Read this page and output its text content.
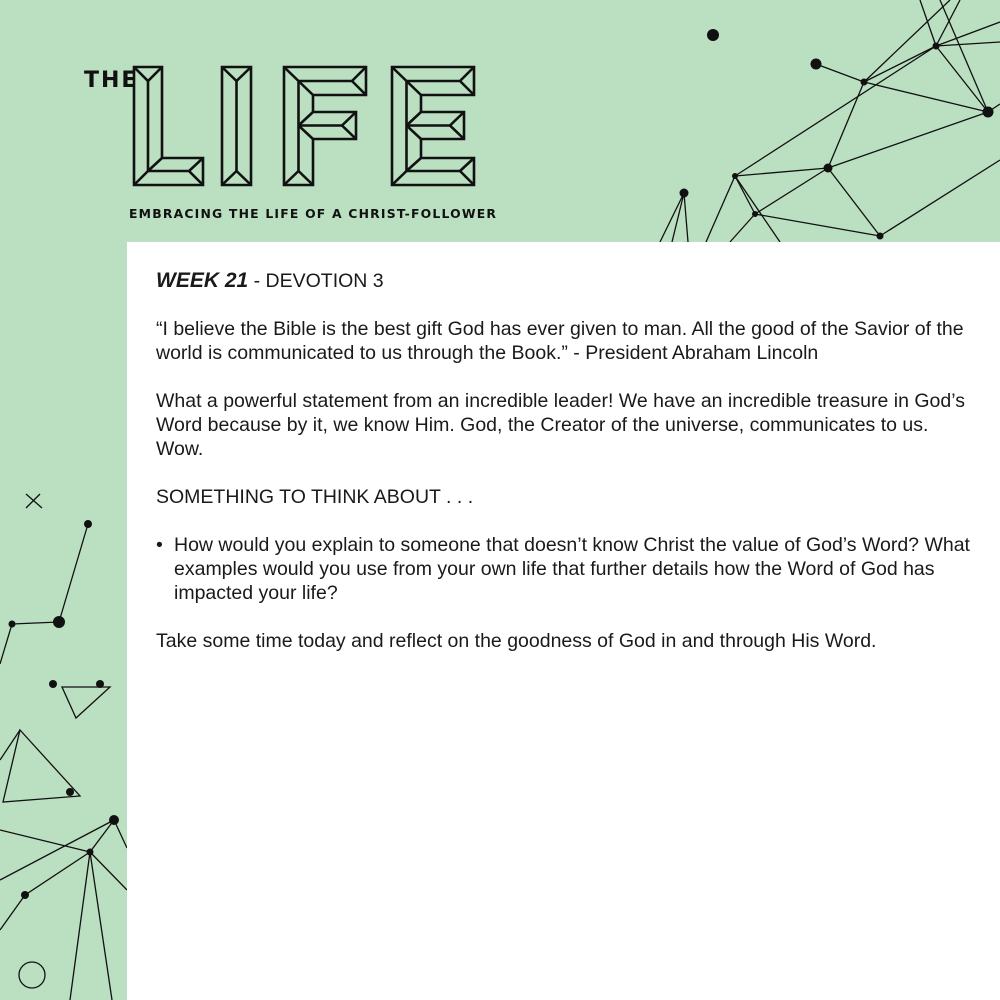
THE

EMBRACING THE LIFE OF A CHRIST-FOLLOWER

WEEK 21 - DEVOTION 3

“I believe the Bible is the best gift God has ever given to man. All the good of the Savior of the world is communicated to us through the Book.” - President Abraham Lincoln

What a powerful statement from an incredible leader! We have an incredible treasure in God’s Word because by it, we know Him. God, the Creator of the universe, communicates to us. Wow.

SOMETHING TO THINK ABOUT . . .

• How would you explain to someone that doesn’t know Christ the value of God’s Word? What examples would you use from your own life that further details how the Word of God has impacted your life?

Take some time today and reflect on the goodness of God in and through His Word.
